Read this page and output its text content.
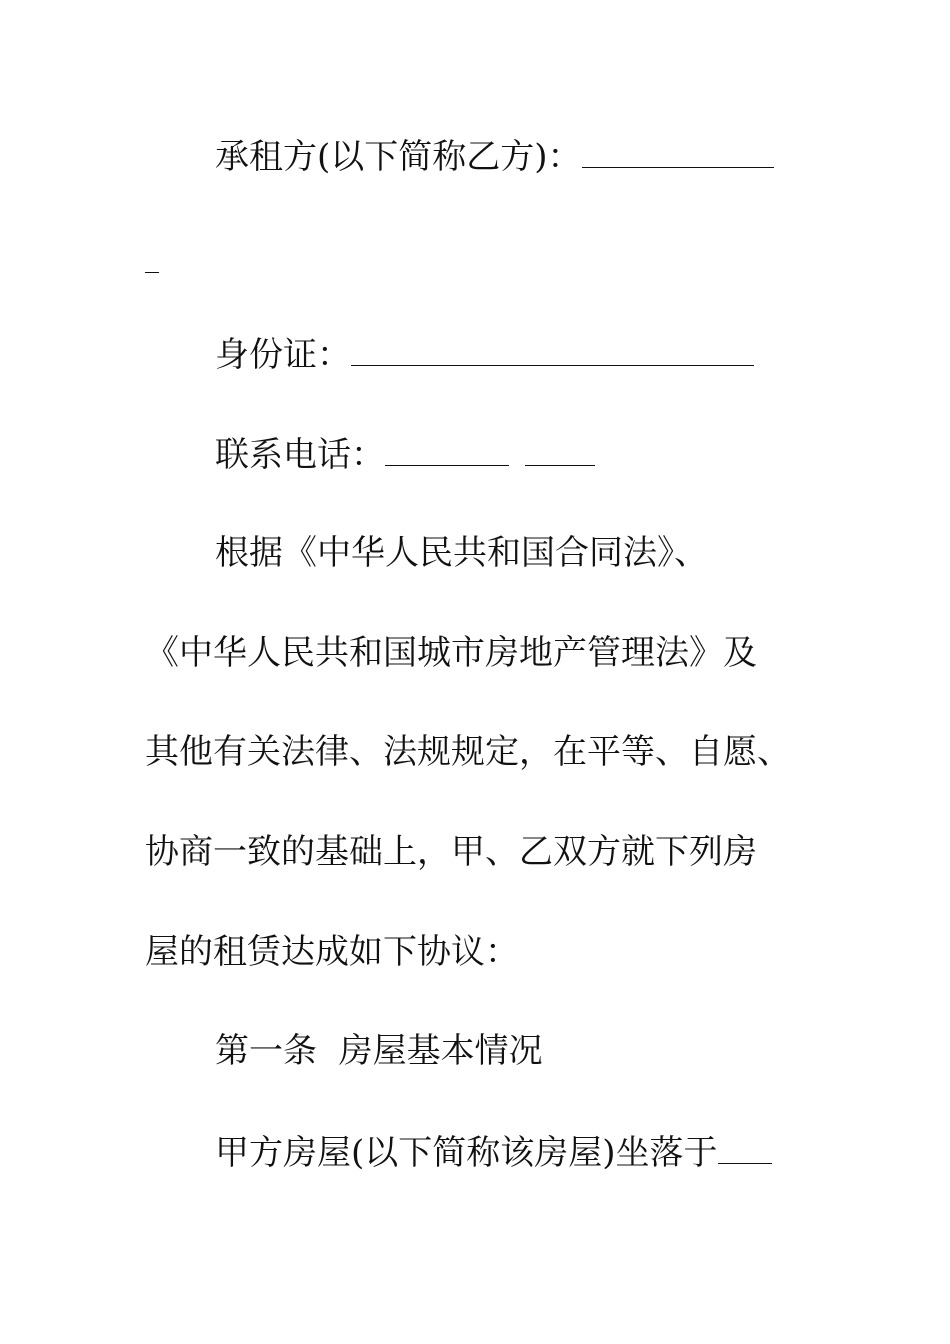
承租方(以下简称乙方)：
身份证：
联系电话：
根据《中华人民共和国合同法》、
《中华人民共和国城市房地产管理法》及
其他有关法律、法规规定，在平等、自愿、
协商一致的基础上，甲、乙双方就下列房
屋的租赁达成如下协议：
第一条  房屋基本情况
甲方房屋(以下简称该房屋)坐落于
